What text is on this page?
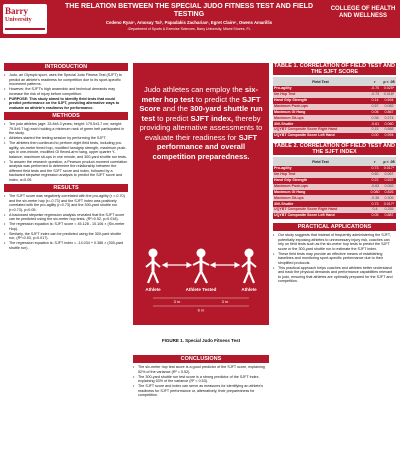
Barry
University
THE RELATION BETWEEN THE SPECIAL JUDO FITNESS TEST AND FIELD TESTING
Cedeno Ryan¹, Amosay Tal¹, Papadakis Zacharias¹, Egret Claire¹, Owens Amarillis
¹Department of Sports & Exercise Sciences, Barry University, Miami Shores, FL
COLLEGE OF HEALTH AND WELLNESS
INTRODUCTION
• Judo, an Olympic sport, uses the Special Judo Fitness Test (SJFT) to predict an athlete's readiness for competition due to its sport-specific movement patterns.
• However, the SJFT's high anaerobic and technical demands may increase the risk of injury before competition.
• PURPOSE: This study aimed to identify field tests that could predict performance on the SJFT, providing alternative ways to evaluate an athlete's readiness for performance.
METHODS
• Ten judo athletes (age: 33.8±8.3 years; height: 175.5±3.7 cm; weight: 79.5±9.7 kg) each holding a minimum rank of green belt participated in the study.
• Athletes started the testing session by performing the SJFT.
• The athletes then continued to perform eight field tests, including pro-agility, six-meter timed hop, modified handgrip strength, maximum push-ups in one-minute, modified GI flexed-arm hang, upper quarter Y-balance, maximum sit-ups in one minute, and 300-yard shuttle run tests.
• To answer the research question, a Pearson product-moment correlation analysis was performed to determine the relationship between the different field tests and the SJFT score and index, followed by a backward stepwise regression analysis to predict the SJFT score and index, α=0.05.
RESULTS
• The SJFT score was negatively correlated with the pro-agility (r =-0.70) and the six-meter hop (r=-0.73) and the SJFT index was positively correlated with the pro-agility (r=0.73) and the 300-yard shuttle run (r=0.73), p<0.05.
• A backward stepwise regression analysis revealed that the SJFT score can be predicted using the six-meter hop tests, (R²=0.52, p=0.018).
• The regression equation is: SJFT score = 45.128 - 10.106 × (Six-meter Hop).
• Similarly, the SJFT index can be predicted using the 300-yard shuttle run, (R²=0.53, p=0.017).
• The regression equation is: SJFT index = -14.034 + 0.386 × (300-yard shuttle run).
Judo athletes can employ the six-meter hop test to predict the SJFT Score and the 300-yard shuttle run test to predict SJFT index, thereby providing alternative assessments to evaluate their readiness for SJFT performance and overall competition preparedness.
Athlete	Athlete Tested	Athlete
3 m	3 m
6 m
FIGURE 1. Special Judo Fitness Test
CONCLUSIONS
• The six-meter hop test score is a good predictor of the SJFT score, explaining 52% of the variance (R² = 0.52).
• The 300-yard shuttle run test score is a strong predictor of the SJFT index, explaining 53% of the variance (R² = 0.53).
• The SJFT score and index can serve as measures for identifying an athlete's readiness for SJFT performance or, alternatively, their preparedness for competition.
TABLE 1. CORRELATION OF FIELD TEST AND THE SJFT SCORE
Field Test	r	p < .05
Pro-agility	-0.70	0.025*
6m Hop Test	-0.73	0.018*
Hand Grip Strength	0.14	0.694
Maximum Push-ups	0.57	0.082
Maximum GI Hang	0.06	0.867
Maximum Sit-ups	0.38	0.274
300-Shuttle	-0.61	0.060
UQYBT Composite Score Right Hand	0.15	0.688
UQYBT Composite Score Left Hand	0.00	0.994
TABLE 2. CORRELATION OF FIELD TEST AND THE SJFT INDEX
Field Test	r	p < .05
Pro-agility	0.73	0.017*
6m Hop Test	0.60	0.067
Hand Grip Strength	0.22	0.537
Maximum Push-ups	-0.63	0.052
Maximum GI Hang	0.080	0.826
Maximum Sit-ups	-0.36	0.309
300-Shuttle	0.73	0.017*
UQYBT Composite Score Right Hand	0.4	0.255
UQYBT Composite Score Left Hand	0.05	0.887
PRACTICAL APPLICATIONS
• Our study suggests that instead of frequently administering the SJFT, potentially exposing athletes to unnecessary injury risk, coaches can rely on field tests such as the six-meter hop tests to predict the SJFT score or the 300-yard shuttle run to estimate the SJFT index.
• These field tests may provide an effective means of establishing baselines and monitoring sport-specific performance due to their simplified protocols.
• This practical approach helps coaches and athletes better understand and track the physical demands and performance capabilities relevant to judo, ensuring that athletes are optimally prepared for the SJFT and competition.
